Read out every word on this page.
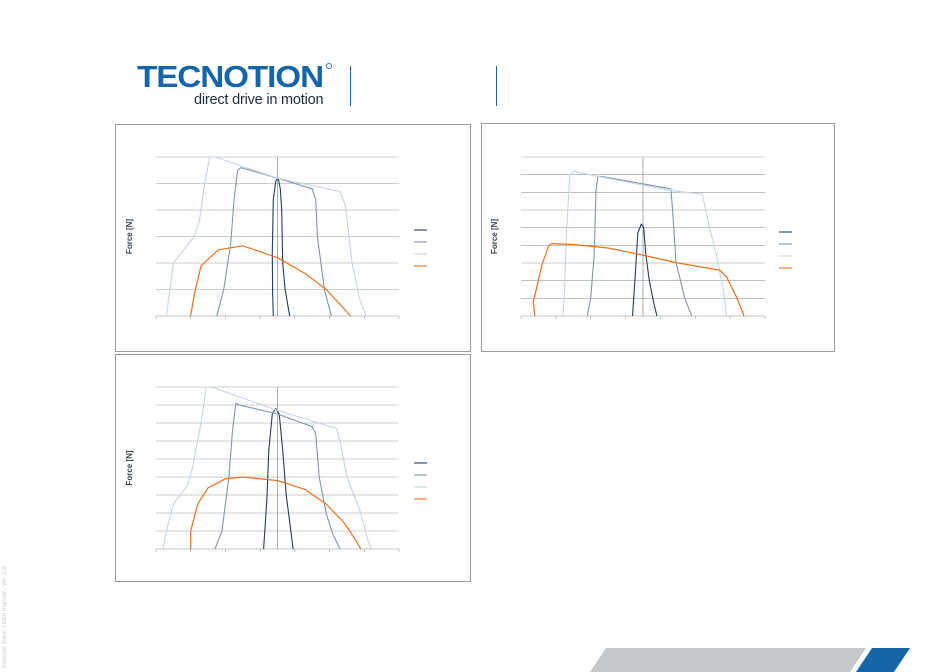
TECNOTION
direct drive in motion
Force [N]	Force [N]
Force [N]
Ironcore linear motor manual - ver. 2.8
